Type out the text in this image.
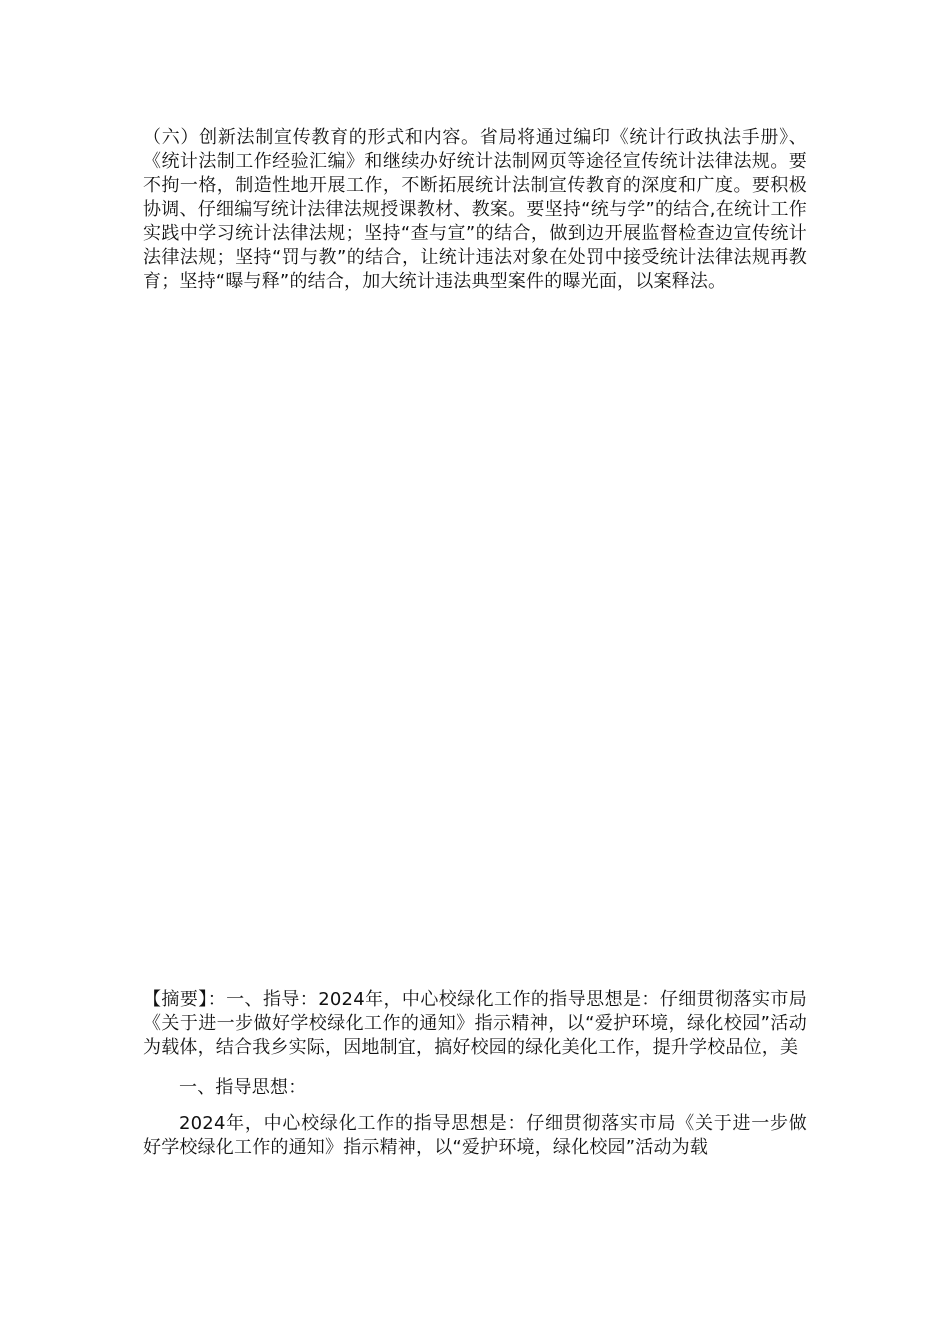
（六）创新法制宣传教育的形式和内容。省局将通过编印《统计行政执法手册》、《统计法制工作经验汇编》和继续办好统计法制网页等途径宣传统计法律法规。要不拘一格，制造性地开展工作，不断拓展统计法制宣传教育的深度和广度。要积极协调、仔细编写统计法律法规授课教材、教案。要坚持“统与学”的结合,在统计工作实践中学习统计法律法规；坚持“查与宣”的结合，做到边开展监督检查边宣传统计法律法规；坚持“罚与教”的结合，让统计违法对象在处罚中接受统计法律法规再教育；坚持“曝与释”的结合，加大统计违法典型案件的曝光面，以案释法。

【摘要】：一、指导：2024年，中心校绿化工作的指导思想是：仔细贯彻落实市局《关于进一步做好学校绿化工作的通知》指示精神，以“爱护环境，绿化校园”活动为载体，结合我乡实际，因地制宜，搞好校园的绿化美化工作，提升学校品位，美

一、指导思想：

2024年，中心校绿化工作的指导思想是：仔细贯彻落实市局《关于进一步做好学校绿化工作的通知》指示精神，以“爱护环境，绿化校园”活动为载
